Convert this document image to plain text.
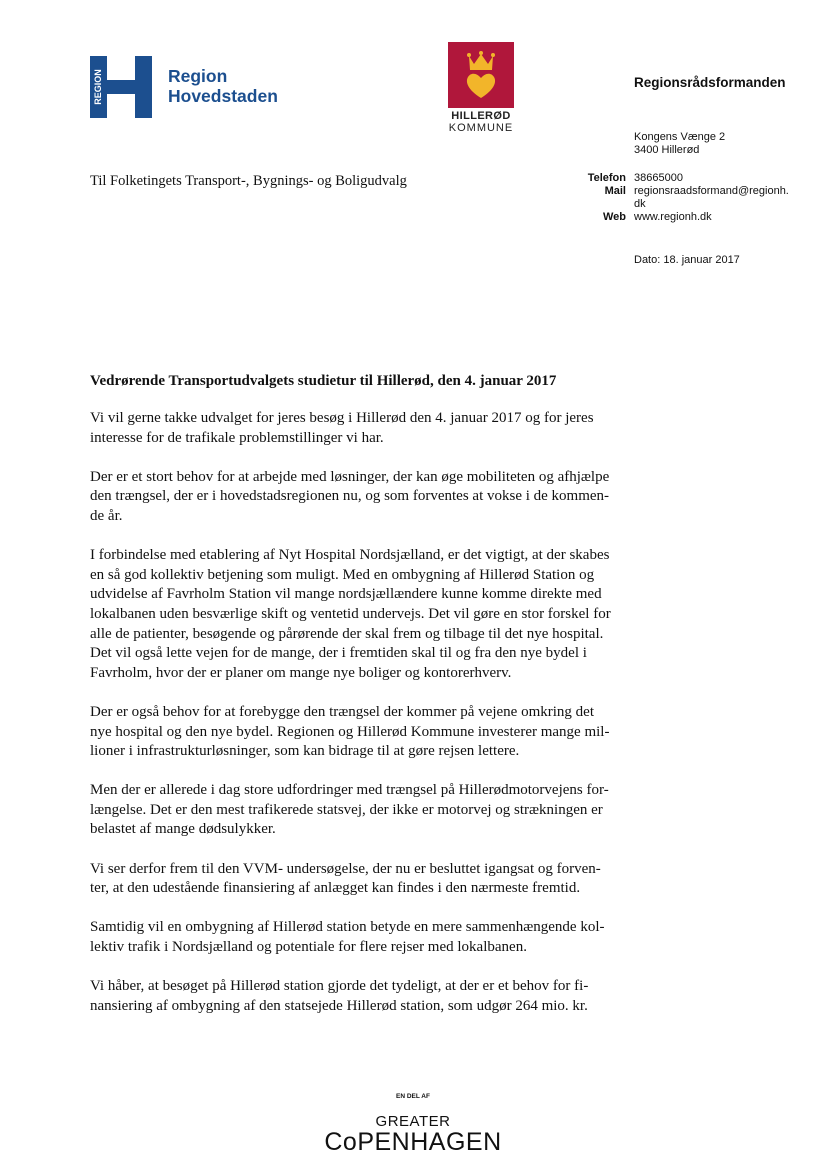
REGION	Region
Hovedstaden
HILLERØD
KOMMUNE
Regionsrådsformanden
Kongens Vænge 2
3400 Hillerød
Telefon 38665000
Mail regionsraadsformand@regionh.
dk
Web www.regionh.dk
Dato: 18. januar 2017
Til Folketingets Transport-, Bygnings- og Boligudvalg
Vedrørende Transportudvalgets studietur til Hillerød, den 4. januar 2017

Vi vil gerne takke udvalget for jeres besøg i Hillerød den 4. januar 2017 og for jeres
interesse for de trafikale problemstillinger vi har.

Der er et stort behov for at arbejde med løsninger, der kan øge mobiliteten og afhjælpe
den trængsel, der er i hovedstadsregionen nu, og som forventes at vokse i de kommen-
de år.

I forbindelse med etablering af Nyt Hospital Nordsjælland, er det vigtigt, at der skabes
en så god kollektiv betjening som muligt. Med en ombygning af Hillerød Station og
udvidelse af Favrholm Station vil mange nordsjællændere kunne komme direkte med
lokalbanen uden besværlige skift og ventetid undervejs. Det vil gøre en stor forskel for
alle de patienter, besøgende og pårørende der skal frem og tilbage til det nye hospital.
Det vil også lette vejen for de mange, der i fremtiden skal til og fra den nye bydel i
Favrholm, hvor der er planer om mange nye boliger og kontorerhverv.

Der er også behov for at forebygge den trængsel der kommer på vejene omkring det
nye hospital og den nye bydel. Regionen og Hillerød Kommune investerer mange mil-
lioner i infrastrukturløsninger, som kan bidrage til at gøre rejsen lettere.

Men der er allerede i dag store udfordringer med trængsel på Hillerødmotorvejens for-
længelse. Det er den mest trafikerede statsvej, der ikke er motorvej og strækningen er
belastet af mange dødsulykker.

Vi ser derfor frem til den VVM- undersøgelse, der nu er besluttet igangsat og forven-
ter, at den udestående finansiering af anlægget kan findes i den nærmeste fremtid.

Samtidig vil en ombygning af Hillerød station betyde en mere sammenhængende kol-
lektiv trafik i Nordsjælland og potentiale for flere rejser med lokalbanen.

Vi håber, at besøget på Hillerød station gjorde det tydeligt, at der er et behov for fi-
nansiering af ombygning af den statsejede Hillerød station, som udgør 264 mio. kr.

EN DEL AF
GREATER
CoPENHAGEN
